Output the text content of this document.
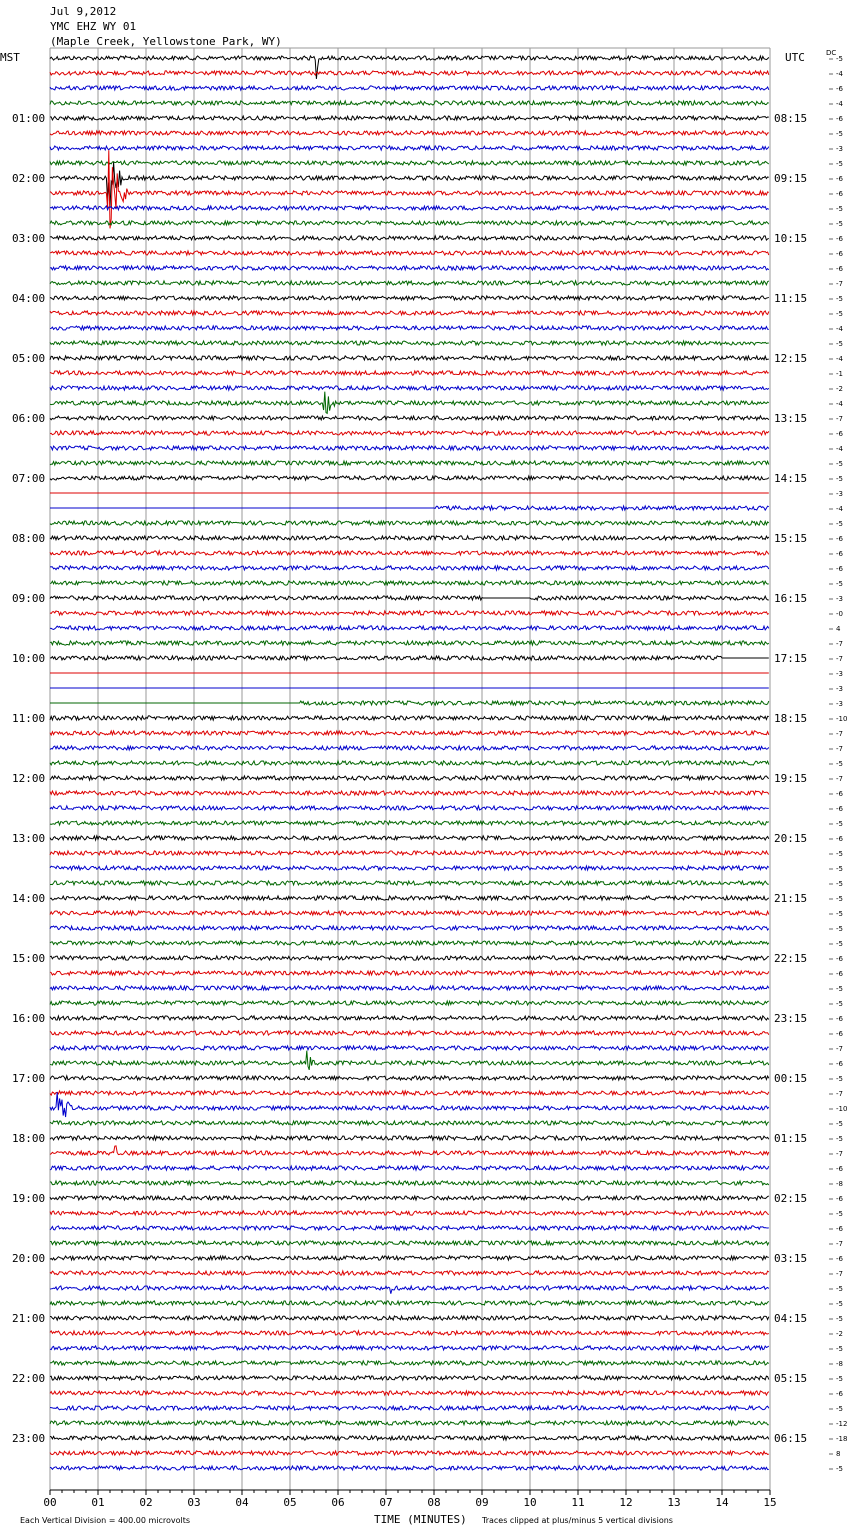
Jul 9,2012
YMC EHZ WY 01
(Maple Creek, Yellowstone Park, WY)
MST
01:00
02:00
03:00
04:00
05:00
06:00
07:00
08:00
09:00
10:00
11:00
12:00
13:00
14:00
15:00
16:00
17:00
18:00
19:00
20:00
21:00
22:00
23:00
UTC
08:15
09:15
10:15
11:15
12:15
13:15
14:15
15:15
16:15
17:15
18:15
19:15
20:15
21:15
22:15
23:15
00:15
01:15
02:15
03:15
04:15
05:15
06:15
DC
-5
-4
-6
-4
-6
-5
-3
-5
-6
-6
-5
-5
-6
-6
-6
-7
-5
-5
-4
-5
-4
-1
-2
-4
-7
-6
-4
-5
-5
-3
-4
-5
-6
-6
-6
-5
-3
-0
4
-7
-7
-3
-3
-3
-10
-7
-7
-5
-7
-6
-6
-5
-6
-5
-5
-5
-5
-5
-5
-5
-6
-6
-5
-5
-6
-6
-7
-6
-5
-7
-10
-5
-5
-7
-6
-8
-6
-5
-6
-7
-6
-7
-5
-5
-5
-2
-5
-8
-5
-6
-5
-12
-18
8
-5
00	01	02	03	04	05	06	07	08	09	10	11	12	13	14	15
TIME (MINUTES)
Each Vertical Division = 400.00 microvolts	Traces clipped at plus/minus 5 vertical divisions
